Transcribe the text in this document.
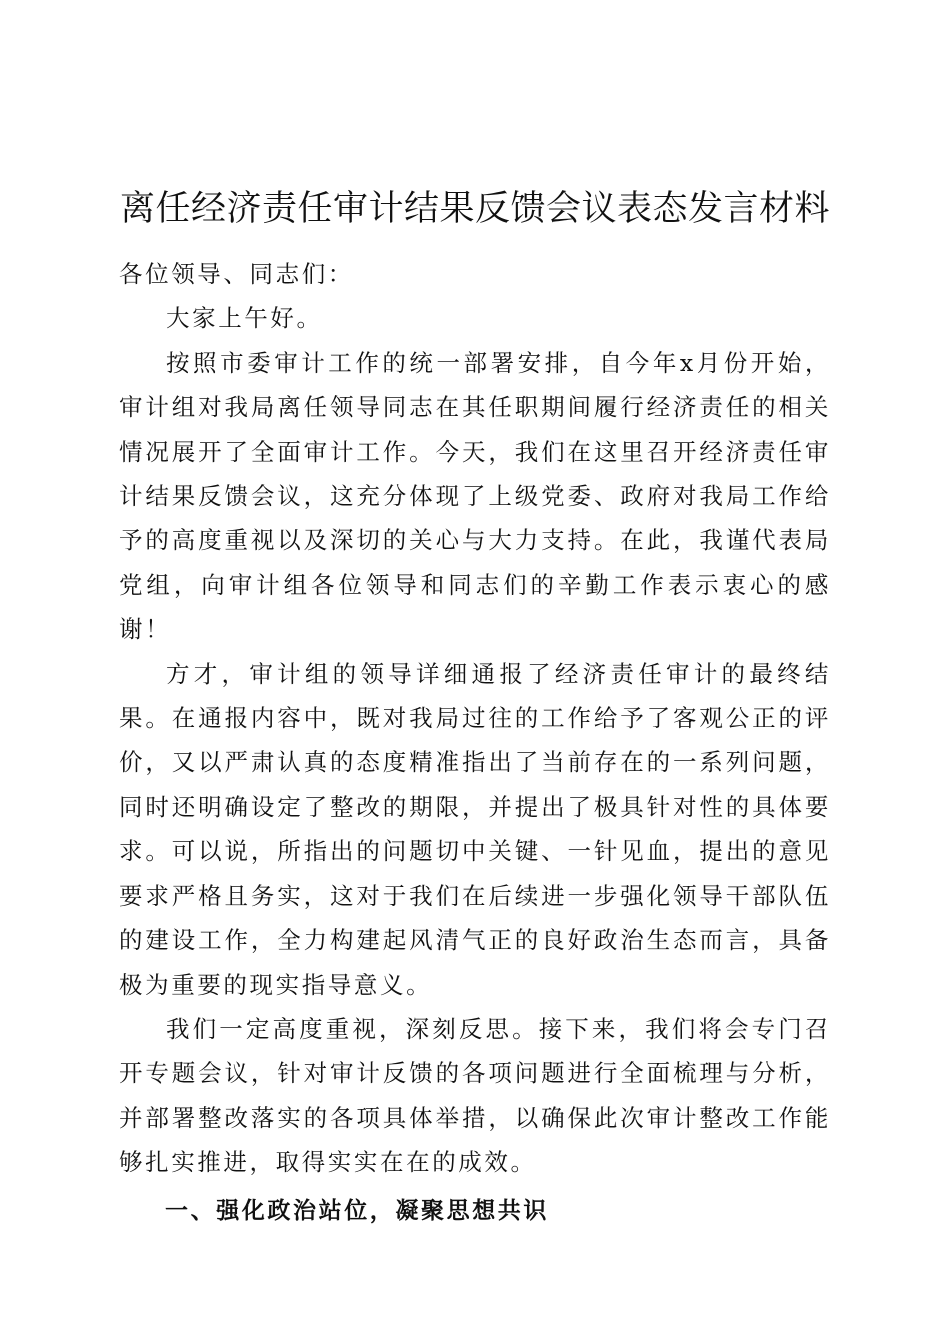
离任经济责任审计结果反馈会议表态发言材料

各位领导、同志们：

大家上午好。

按照市委审计工作的统一部署安排，自今年x月份开始，审计组对我局离任领导同志在其任职期间履行经济责任的相关情况展开了全面审计工作。今天，我们在这里召开经济责任审计结果反馈会议，这充分体现了上级党委、政府对我局工作给予的高度重视以及深切的关心与大力支持。在此，我谨代表局党组，向审计组各位领导和同志们的辛勤工作表示衷心的感谢！

方才，审计组的领导详细通报了经济责任审计的最终结果。在通报内容中，既对我局过往的工作给予了客观公正的评价，又以严肃认真的态度精准指出了当前存在的一系列问题，同时还明确设定了整改的期限，并提出了极具针对性的具体要求。可以说，所指出的问题切中关键、一针见血，提出的意见要求严格且务实，这对于我们在后续进一步强化领导干部队伍的建设工作，全力构建起风清气正的良好政治生态而言，具备极为重要的现实指导意义。

我们一定高度重视，深刻反思。接下来，我们将会专门召开专题会议，针对审计反馈的各项问题进行全面梳理与分析，并部署整改落实的各项具体举措，以确保此次审计整改工作能够扎实推进，取得实实在在的成效。

一、强化政治站位，凝聚思想共识
